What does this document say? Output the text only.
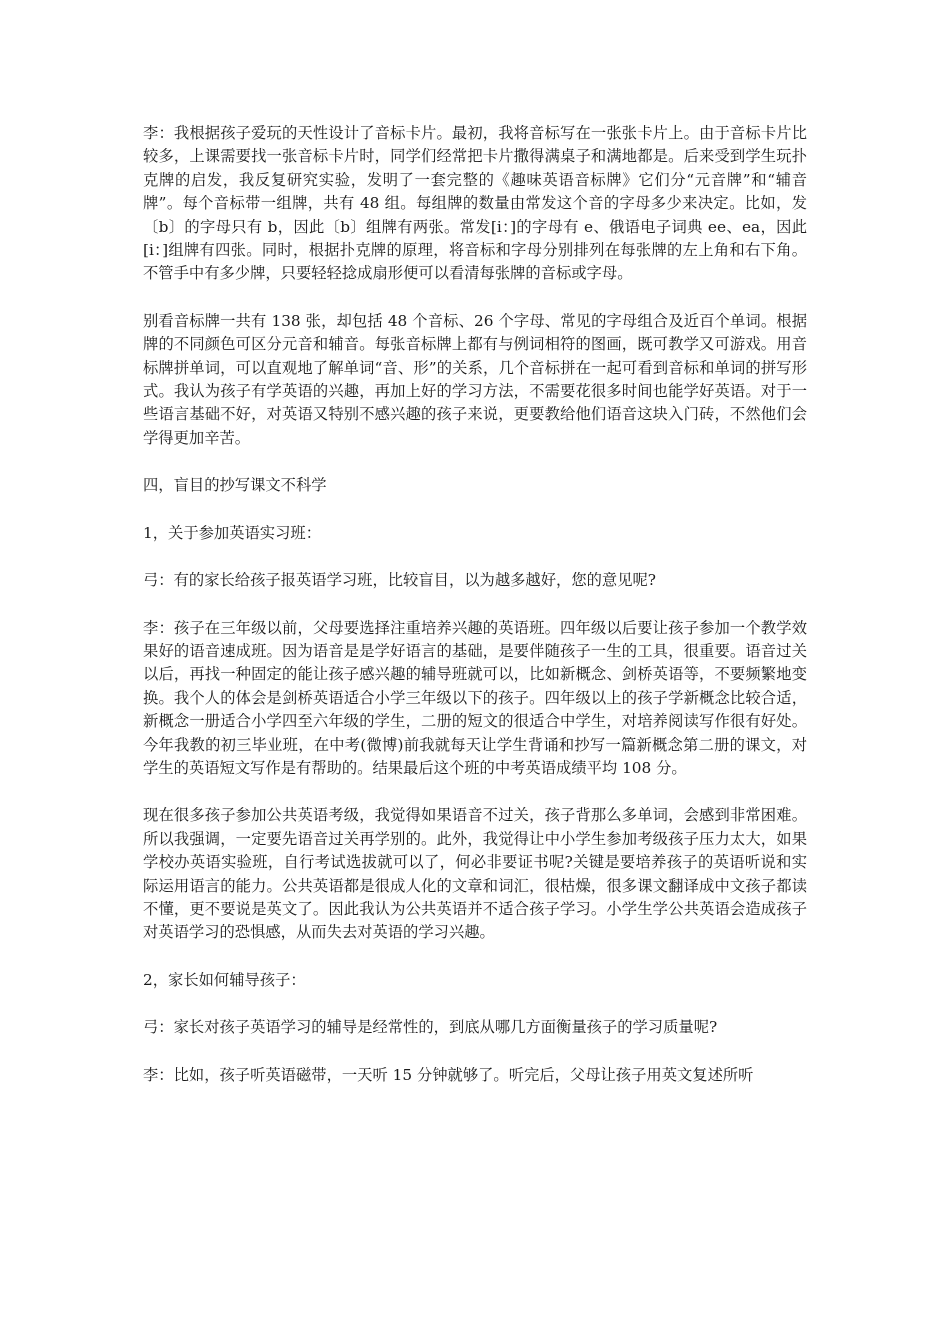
李：我根据孩子爱玩的天性设计了音标卡片。最初，我将音标写在一张张卡片上。由于音标卡片比较多，上课需要找一张音标卡片时，同学们经常把卡片撒得满桌子和满地都是。后来受到学生玩扑克牌的启发，我反复研究实验，发明了一套完整的《趣味英语音标牌》它们分“元音牌”和“辅音牌”。每个音标带一组牌，共有 48 组。每组牌的数量由常发这个音的字母多少来决定。比如，发〔b〕的字母只有 b，因此〔b〕组牌有两张。常发[i：]的字母有 e、俄语电子词典 ee、ea，因此[i：]组牌有四张。同时，根据扑克牌的原理，将音标和字母分别排列在每张牌的左上角和右下角。不管手中有多少牌，只要轻轻捻成扇形便可以看清每张牌的音标或字母。

别看音标牌一共有 138 张，却包括 48 个音标、26 个字母、常见的字母组合及近百个单词。根据牌的不同颜色可区分元音和辅音。每张音标牌上都有与例词相符的图画，既可教学又可游戏。用音标牌拼单词，可以直观地了解单词“音、形”的关系，几个音标拼在一起可看到音标和单词的拼写形式。我认为孩子有学英语的兴趣，再加上好的学习方法，不需要花很多时间也能学好英语。对于一些语言基础不好，对英语又特别不感兴趣的孩子来说，更要教给他们语音这块入门砖，不然他们会学得更加辛苦。

四，盲目的抄写课文不科学

1，关于参加英语实习班：

弓：有的家长给孩子报英语学习班，比较盲目，以为越多越好，您的意见呢?

李：孩子在三年级以前，父母要选择注重培养兴趣的英语班。四年级以后要让孩子参加一个教学效果好的语音速成班。因为语音是是学好语言的基础，是要伴随孩子一生的工具，很重要。语音过关以后，再找一种固定的能让孩子感兴趣的辅导班就可以，比如新概念、剑桥英语等，不要频繁地变换。我个人的体会是剑桥英语适合小学三年级以下的孩子。四年级以上的孩子学新概念比较合适，新概念一册适合小学四至六年级的学生，二册的短文的很适合中学生，对培养阅读写作很有好处。今年我教的初三毕业班，在中考(微博)前我就每天让学生背诵和抄写一篇新概念第二册的课文，对学生的英语短文写作是有帮助的。结果最后这个班的中考英语成绩平均 108 分。

现在很多孩子参加公共英语考级，我觉得如果语音不过关，孩子背那么多单词，会感到非常困难。所以我强调，一定要先语音过关再学别的。此外，我觉得让中小学生参加考级孩子压力太大，如果学校办英语实验班，自行考试选拔就可以了，何必非要证书呢?关键是要培养孩子的英语听说和实际运用语言的能力。公共英语都是很成人化的文章和词汇，很枯燥，很多课文翻译成中文孩子都读不懂，更不要说是英文了。因此我认为公共英语并不适合孩子学习。小学生学公共英语会造成孩子对英语学习的恐惧感，从而失去对英语的学习兴趣。

2，家长如何辅导孩子：

弓：家长对孩子英语学习的辅导是经常性的，到底从哪几方面衡量孩子的学习质量呢?

李：比如，孩子听英语磁带，一天听 15 分钟就够了。听完后，父母让孩子用英文复述所听
